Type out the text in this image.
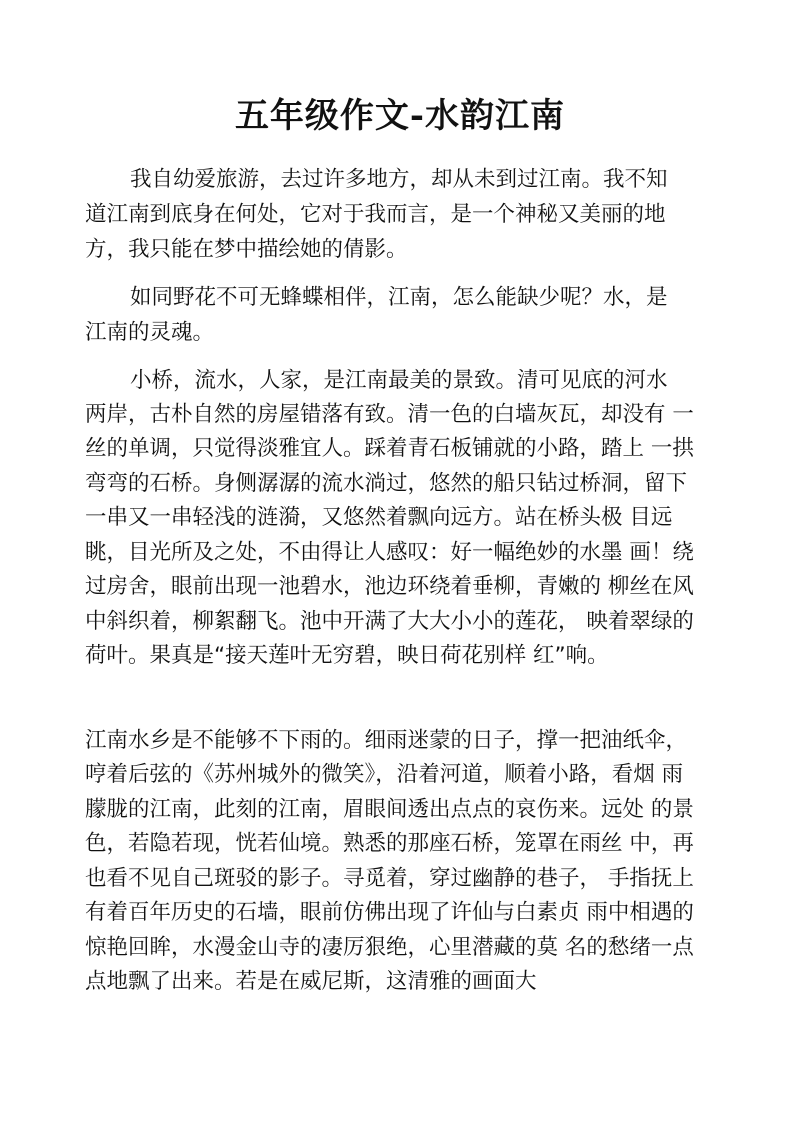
五年级作文-水韵江南
我自幼爱旅游，去过许多地方，却从未到过江南。我不知
道江南到底身在何处，它对于我而言，是一个神秘又美丽的地
方，我只能在梦中描绘她的倩影。
如同野花不可无蜂蝶相伴，江南，怎么能缺少呢？水，是
江南的灵魂。
小桥，流水，人家，是江南最美的景致。清可见底的河水
两岸，古朴自然的房屋错落有致。清一色的白墙灰瓦，却没有 一
丝的单调，只觉得淡雅宜人。踩着青石板铺就的小路，踏上 一拱
弯弯的石桥。身侧潺潺的流水淌过，悠然的船只钻过桥洞，留下
一串又一串轻浅的涟漪，又悠然着飘向远方。站在桥头极 目远
眺，目光所及之处，不由得让人感叹：好一幅绝妙的水墨 画！绕
过房舍，眼前出现一池碧水，池边环绕着垂柳，青嫩的 柳丝在风
中斜织着，柳絮翻飞。池中开满了大大小小的莲花， 映着翠绿的
荷叶。果真是“接天莲叶无穷碧，映日荷花别样 红”响。
江南水乡是不能够不下雨的。细雨迷蒙的日子，撑一把油纸伞，
哼着后弦的《苏州城外的微笑》，沿着河道，顺着小路，看烟 雨
朦胧的江南，此刻的江南，眉眼间透出点点的哀伤来。远处 的景
色，若隐若现，恍若仙境。熟悉的那座石桥，笼罩在雨丝 中，再
也看不见自己斑驳的影子。寻觅着，穿过幽静的巷子， 手指抚上
有着百年历史的石墙，眼前仿佛出现了许仙与白素贞 雨中相遇的
惊艳回眸，水漫金山寺的凄厉狠绝，心里潜藏的莫 名的愁绪一点
点地飘了出来。若是在威尼斯，这清雅的画面大
